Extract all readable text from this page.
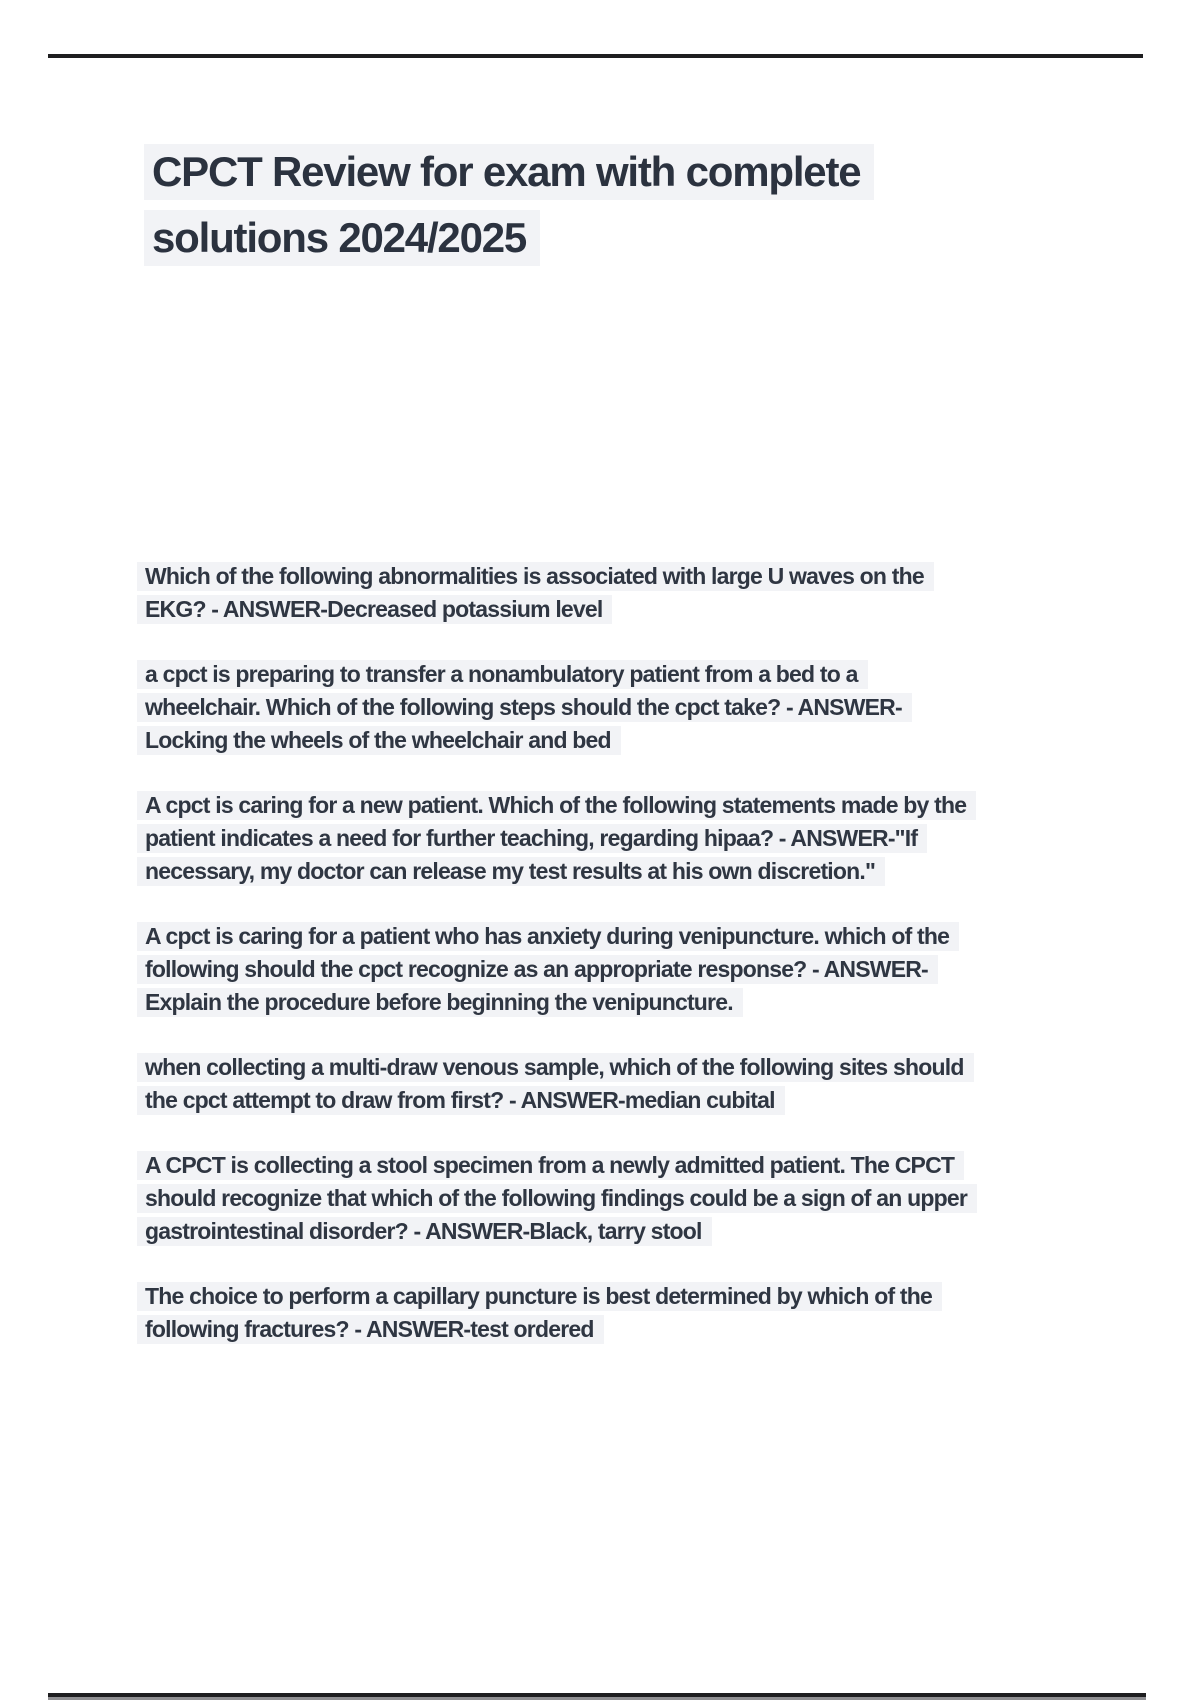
CPCT Review for exam with complete
solutions 2024/2025

Which of the following abnormalities is associated with large U waves on the
EKG? - ANSWER-Decreased potassium level

a cpct is preparing to transfer a nonambulatory patient from a bed to a
wheelchair. Which of the following steps should the cpct take? - ANSWER-
Locking the wheels of the wheelchair and bed

A cpct is caring for a new patient. Which of the following statements made by the
patient indicates a need for further teaching, regarding hipaa? - ANSWER-"If
necessary, my doctor can release my test results at his own discretion."

A cpct is caring for a patient who has anxiety during venipuncture. which of the
following should the cpct recognize as an appropriate response? - ANSWER-
Explain the procedure before beginning the venipuncture.

when collecting a multi-draw venous sample, which of the following sites should
the cpct attempt to draw from first? - ANSWER-median cubital

A CPCT is collecting a stool specimen from a newly admitted patient. The CPCT
should recognize that which of the following findings could be a sign of an upper
gastrointestinal disorder? - ANSWER-Black, tarry stool

The choice to perform a capillary puncture is best determined by which of the
following fractures? - ANSWER-test ordered
